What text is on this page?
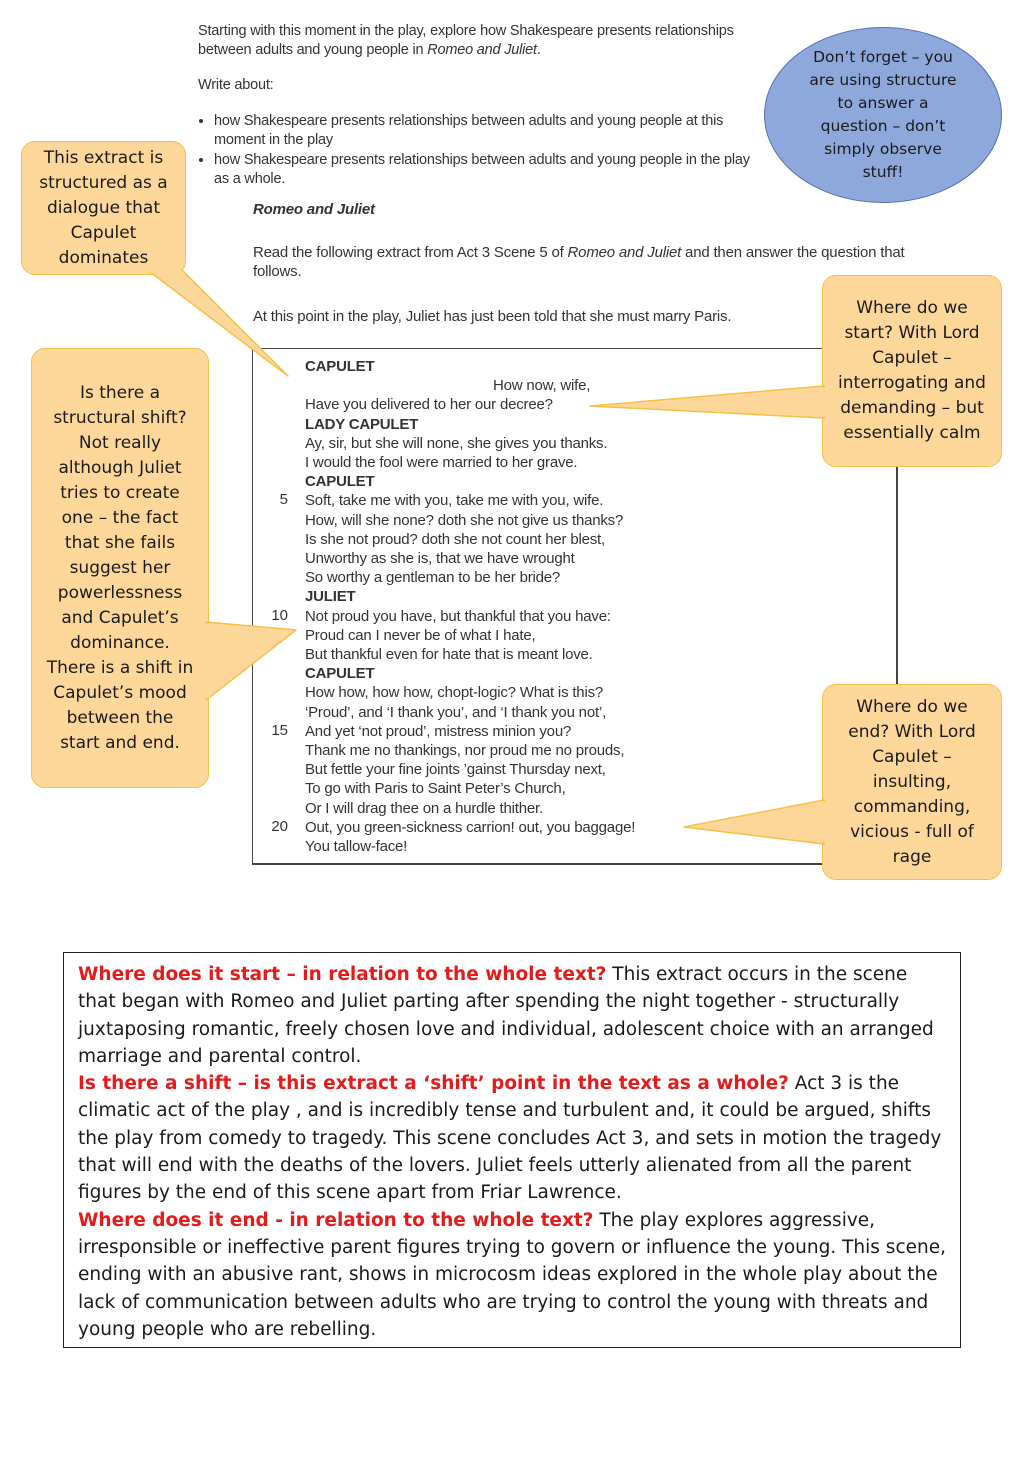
Starting with this moment in the play, explore how Shakespeare presents relationships
between adults and young people in Romeo and Juliet.

Write about:

• how Shakespeare presents relationships between adults and young people at this moment in the play
• how Shakespeare presents relationships between adults and young people in the play as a whole.

Romeo and Juliet

Read the following extract from Act 3 Scene 5 of Romeo and Juliet and then answer the question that follows.

At this point in the play, Juliet has just been told that she must marry Paris.

CAPULET
How now, wife,
Have you delivered to her our decree?
LADY CAPULET
Ay, sir, but she will none, she gives you thanks.
I would the fool were married to her grave.
CAPULET
Soft, take me with you, take me with you, wife.
5
How, will she none? doth she not give us thanks?
Is she not proud? doth she not count her blest,
Unworthy as she is, that we have wrought
So worthy a gentleman to be her bride?
JULIET
Not proud you have, but thankful that you have:
10
Proud can I never be of what I hate,
But thankful even for hate that is meant love.
CAPULET
How how, how how, chopt-logic? What is this?
‘Proud’, and ‘I thank you’, and ‘I thank you not’,
And yet ‘not proud’, mistress minion you?
15
Thank me no thankings, nor proud me no prouds,
But fettle your fine joints ’gainst Thursday next,
To go with Paris to Saint Peter’s Church,
Or I will drag thee on a hurdle thither.
Out, you green-sickness carrion! out, you baggage!
20
You tallow-face!
This extract is structured as a dialogue that Capulet dominates
Is there a structural shift? Not really although Juliet tries to create one – the fact that she fails suggest her powerlessness and Capulet’s dominance. There is a shift in Capulet’s mood between the start and end.
Where do we start? With Lord Capulet – interrogating and demanding – but essentially calm
Where do we end? With Lord Capulet – insulting, commanding, vicious - full of rage
Don’t forget – you are using structure to answer a question – don’t simply observe stuff!

Where does it start – in relation to the whole text? This extract occurs in the scene that began with Romeo and Juliet parting after spending the night together - structurally juxtaposing romantic, freely chosen love and individual, adolescent choice with an arranged marriage and parental control.

Is there a shift – is this extract a ‘shift’ point in the text as a whole? Act 3 is the climatic act of the play , and is incredibly tense and turbulent and, it could be argued, shifts the play from comedy to tragedy. This scene concludes Act 3, and sets in motion the tragedy that will end with the deaths of the lovers. Juliet feels utterly alienated from all the parent figures by the end of this scene apart from Friar Lawrence.

Where does it end - in relation to the whole text? The play explores aggressive, irresponsible or ineffective parent figures trying to govern or influence the young. This scene, ending with an abusive rant, shows in microcosm ideas explored in the whole play about the lack of communication between adults who are trying to control the young with threats and young people who are rebelling.
